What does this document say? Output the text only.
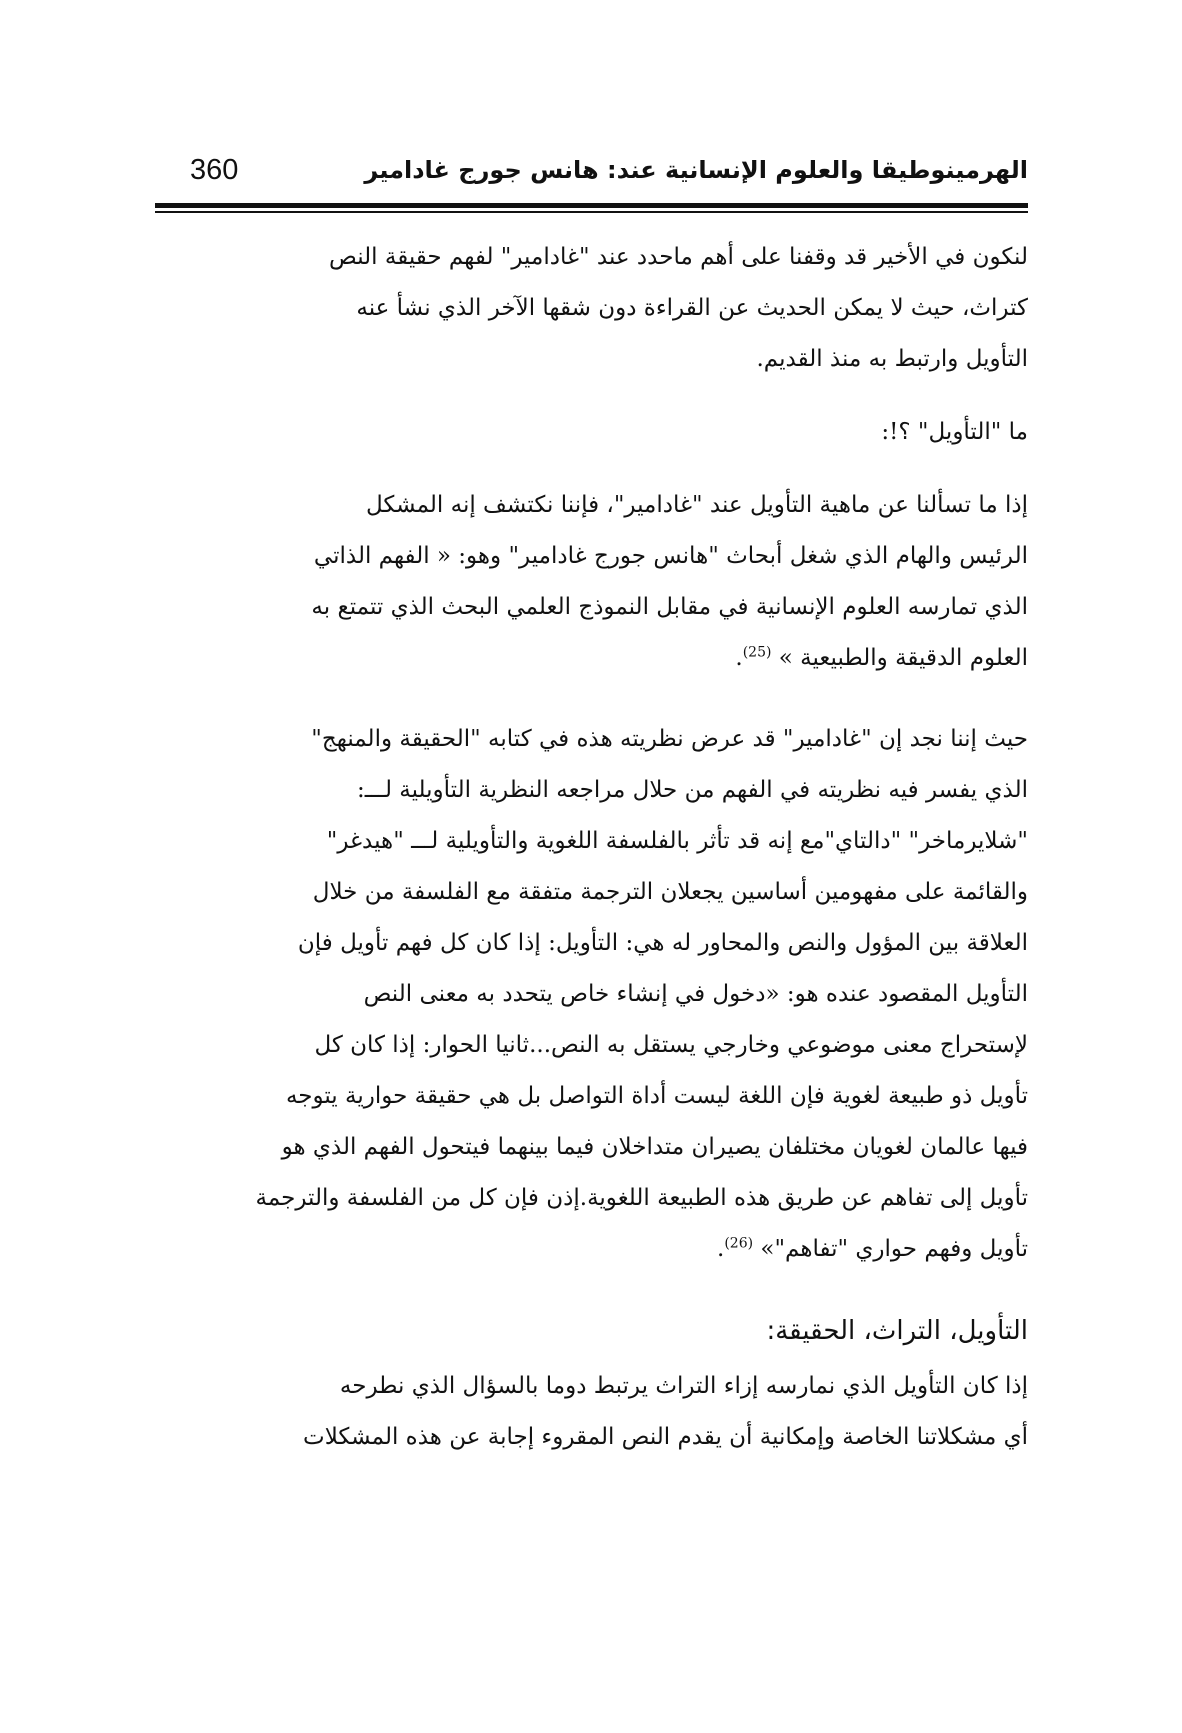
الهرمينوطيقا والعلوم الإنسانية عند: هانس جورج غادامير
360

لنكون في الأخير قد وقفنا على أهم ماحدد عند "غادامير" لفهم حقيقة النص
كتراث، حيث لا يمكن الحديث عن القراءة دون شقها الآخر الذي نشأ عنه
التأويل وارتبط به منذ القديم.

ما "التأويل" ؟!:

إذا ما تسألنا عن ماهية التأويل عند "غادامير"، فإننا نكتشف إنه المشكل
الرئيس والهام الذي شغل أبحاث "هانس جورج غادامير" وهو: « الفهم الذاتي
الذي تمارسه العلوم الإنسانية في مقابل النموذج العلمي البحث الذي تتمتع به
العلوم الدقيقة والطبيعية » $^{(25)}$.

حيث إننا نجد إن "غادامير" قد عرض نظريته هذه في كتابه "الحقيقة والمنهج"
الذي يفسر فيه نظريته في الفهم من حلال مراجعه النظرية التأويلية لـــ:
"شلايرماخر" "دالتاي"مع إنه قد تأثر بالفلسفة اللغوية والتأويلية لـــ "هيدغر"
والقائمة على مفهومين أساسين يجعلان الترجمة متفقة مع الفلسفة من خلال
العلاقة بين المؤول والنص والمحاور له هي: التأويل: إذا كان كل فهم تأويل فإن
التأويل المقصود عنده هو: «دخول في إنشاء خاص يتحدد به معنى النص
لإستحراج معنى موضوعي وخارجي يستقل به النص...ثانيا الحوار: إذا كان كل
تأويل ذو طبيعة لغوية فإن اللغة ليست أداة التواصل بل هي حقيقة حوارية يتوجه
فيها عالمان لغويان مختلفان يصيران متداخلان فيما بينهما فيتحول الفهم الذي هو
تأويل إلى تفاهم عن طريق هذه الطبيعة اللغوية.إذن فإن كل من الفلسفة والترجمة
تأويل وفهم حواري "تفاهم"» $^{(26)}$.

التأويل، التراث، الحقيقة:

إذا كان التأويل الذي نمارسه إزاء التراث يرتبط دوما بالسؤال الذي نطرحه
أي مشكلاتنا الخاصة وإمكانية أن يقدم النص المقروء إجابة عن هذه المشكلات
